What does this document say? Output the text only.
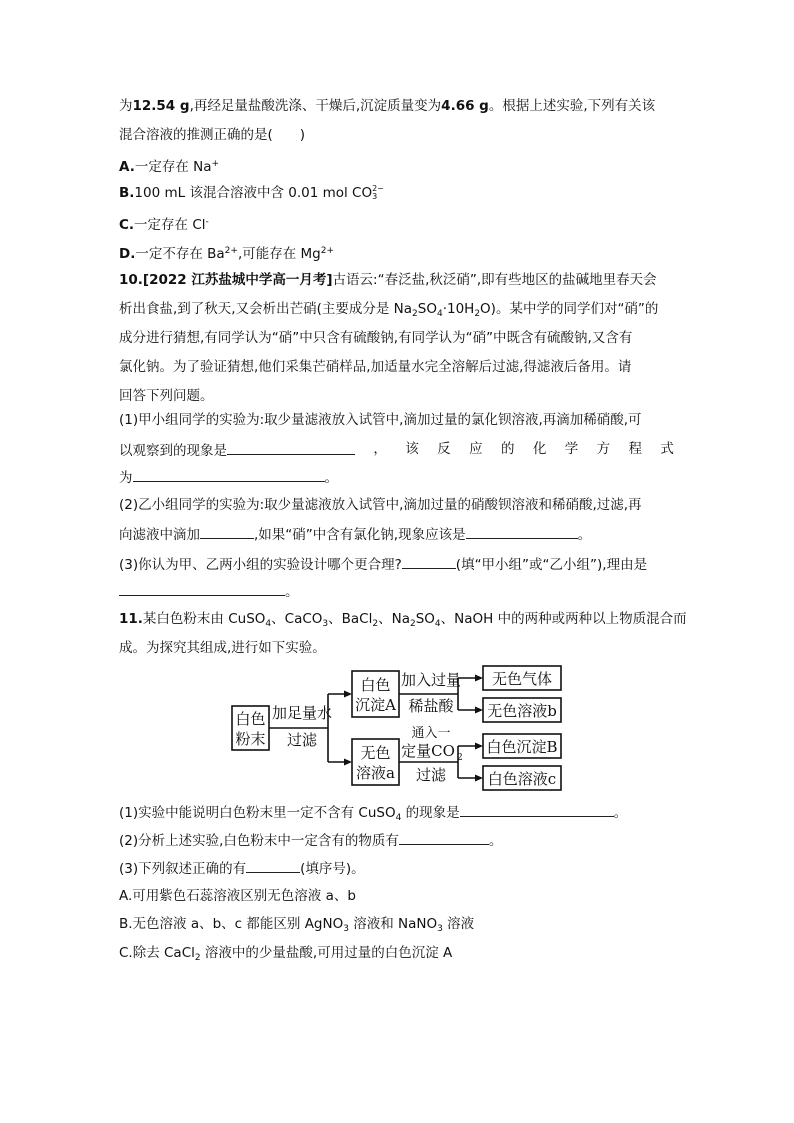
为12.54 g,再经足量盐酸洗涤、干燥后,沉淀质量变为4.66 g。根据上述实验,下列有关该
混合溶液的推测正确的是(　　)
A.一定存在 Na+
B.100 mL 该混合溶液中含 0.01 mol CO2−
3
C.一定存在 Cl-
D.一定不存在 $Ba^{2+}$,可能存在 $Mg^{2+}$
10.[2022 江苏盐城中学高一月考]古语云:“春泛盐,秋泛硝”,即有些地区的盐碱地里春天会
析出食盐,到了秋天,又会析出芒硝(主要成分是 $Na_2SO_4\cdot 10H_2O$)。某中学的同学们对“硝”的
成分进行猜想,有同学认为“硝”中只含有硫酸钠,有同学认为“硝”中既含有硫酸钠,又含有
氯化钠。为了验证猜想,他们采集芒硝样品,加适量水完全溶解后过滤,得滤液后备用。请
回答下列问题。
(1)甲小组同学的实验为:取少量滤液放入试管中,滴加过量的氯化钡溶液,再滴加稀硝酸,可
以观察到的现象是	， 该 反 应 的 化 学 方 程 式
为	。
(2)乙小组同学的实验为:取少量滤液放入试管中,滴加过量的硝酸钡溶液和稀硝酸,过滤,再
向滤液中滴加	,如果“硝”中含有氯化钠,现象应该是	。
(3)你认为甲、乙两小组的实验设计哪个更合理?	(填“甲小组”或“乙小组”),理由是
。
11.某白色粉末由 CuSO$_4$、CaCO$_3$、BaCl$_2$、$Na_2SO_4$、NaOH 中的两种或两种以上物质混合而
成。为探究其组成,进行如下实验。
白色
粉末
加足量水
过滤
白色
沉淀A
无色
溶液a
加入过量
稀盐酸
通入一
定量CO 2
过滤
无色气体
无色溶液b
白色沉淀B
白色溶液c
(1)实验中能说明白色粉末里一定不含有 CuSO$_4$ 的现象是	。
(2)分析上述实验,白色粉末中一定含有的物质有	。
(3)下列叙述正确的有	(填序号)。
A.可用紫色石蕊溶液区别无色溶液 a、b
B.无色溶液 a、b、c 都能区别 AgNO$_3$ 溶液和 NaNO$_3$ 溶液
C.除去 CaCl$_2$ 溶液中的少量盐酸,可用过量的白色沉淀 A
